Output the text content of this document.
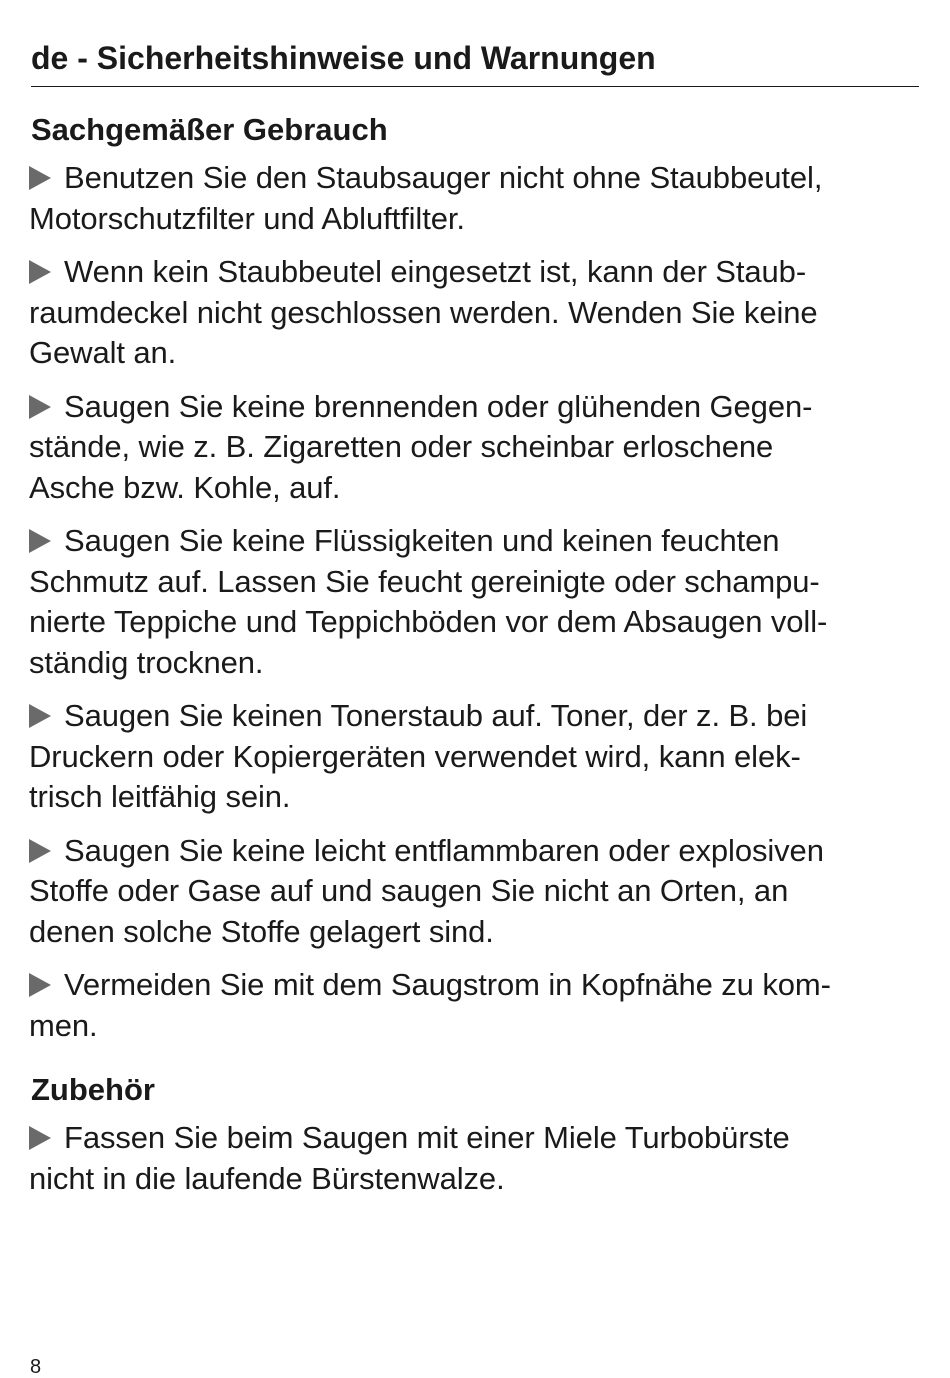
de - Sicherheitshinweise und Warnungen
Sachgemäßer Gebrauch
Benutzen Sie den Staubsauger nicht ohne Staubbeutel,
Motorschutzfilter und Abluftfilter.
Wenn kein Staubbeutel eingesetzt ist, kann der Staub-
raumdeckel nicht geschlossen werden. Wenden Sie keine
Gewalt an.
Saugen Sie keine brennenden oder glühenden Gegen-
stände, wie z. B. Zigaretten oder scheinbar erloschene
Asche bzw. Kohle, auf.
Saugen Sie keine Flüssigkeiten und keinen feuchten
Schmutz auf. Lassen Sie feucht gereinigte oder schampu-
nierte Teppiche und Teppichböden vor dem Absaugen voll-
ständig trocknen.
Saugen Sie keinen Tonerstaub auf. Toner, der z. B. bei
Druckern oder Kopiergeräten verwendet wird, kann elek-
trisch leitfähig sein.
Saugen Sie keine leicht entflammbaren oder explosiven
Stoffe oder Gase auf und saugen Sie nicht an Orten, an
denen solche Stoffe gelagert sind.
Vermeiden Sie mit dem Saugstrom in Kopfnähe zu kom-
men.
Zubehör
Fassen Sie beim Saugen mit einer Miele Turbobürste
nicht in die laufende Bürstenwalze.
8
